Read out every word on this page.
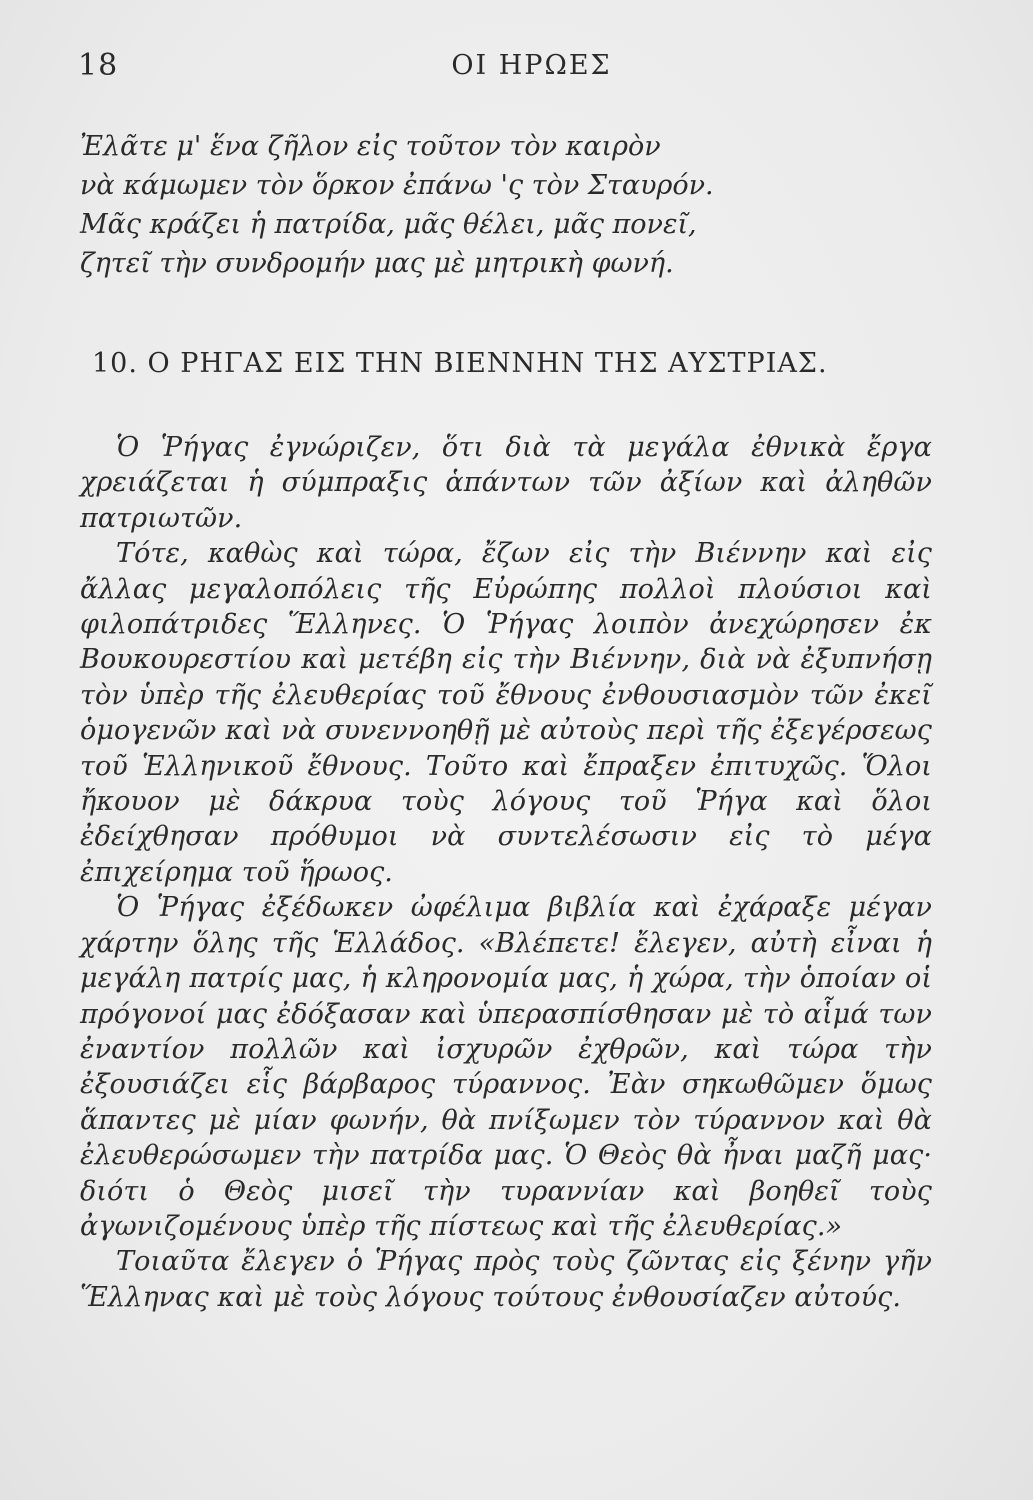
18	ΟΙ ΗΡΩΕΣ
Ἐλᾶτε μ' ἕνα ζῆλον εἰς τοῦτον τὸν καιρὸν
νὰ κάμωμεν τὸν ὅρκον ἐπάνω 'ς τὸν Σταυρόν.
Μᾶς κράζει ἡ πατρίδα, μᾶς θέλει, μᾶς πονεῖ,
ζητεῖ τὴν συνδρομήν μας μὲ μητρικὴ φωνή.
10. Ο ΡΗΓΑΣ ΕΙΣ ΤΗΝ ΒΙΕΝΝΗΝ ΤΗΣ ΑΥΣΤΡΙΑΣ.

Ὁ Ῥήγας ἐγνώριζεν, ὅτι διὰ τὰ μεγάλα ἐθνικὰ ἔργα χρειάζεται ἡ σύμπραξις ἁπάντων τῶν ἀξίων καὶ ἀληθῶν πατριωτῶν.

Τότε, καθὼς καὶ τώρα, ἔζων εἰς τὴν Βιέννην καὶ εἰς ἄλλας μεγαλοπόλεις τῆς Εὐρώπης πολλοὶ πλούσιοι καὶ φιλοπάτριδες Ἕλληνες. Ὁ Ῥήγας λοιπὸν ἀνεχώρησεν ἐκ Βουκουρεστίου καὶ μετέβη εἰς τὴν Βιέννην, διὰ νὰ ἐξυπνήσῃ τὸν ὑπὲρ τῆς ἐλευθερίας τοῦ ἔθνους ἐνθουσιασμὸν τῶν ἐκεῖ ὁμογενῶν καὶ νὰ συνεννοηθῇ μὲ αὐτοὺς περὶ τῆς ἐξεγέρσεως τοῦ Ἑλληνικοῦ ἔθνους. Τοῦτο καὶ ἔπραξεν ἐπιτυχῶς. Ὅλοι ἤκουον μὲ δάκρυα τοὺς λόγους τοῦ Ῥήγα καὶ ὅλοι ἐδείχθησαν πρόθυμοι νὰ συντελέσωσιν εἰς τὸ μέγα ἐπιχείρημα τοῦ ἥρωος.

Ὁ Ῥήγας ἐξέδωκεν ὠφέλιμα βιβλία καὶ ἐχάραξε μέγαν χάρτην ὅλης τῆς Ἑλλάδος. «Βλέπετε! ἔλεγεν, αὐτὴ εἶναι ἡ μεγάλη πατρίς μας, ἡ κληρονομία μας, ἡ χώρα, τὴν ὁποίαν οἱ πρόγονοί μας ἐδόξασαν καὶ ὑπερασπίσθησαν μὲ τὸ αἷμά των ἐναντίον πολλῶν καὶ ἰσχυρῶν ἐχθρῶν, καὶ τώρα τὴν ἐξουσιάζει εἷς βάρβαρος τύραννος. Ἐὰν σηκωθῶμεν ὅμως ἅπαντες μὲ μίαν φωνήν, θὰ πνίξωμεν τὸν τύραννον καὶ θὰ ἐλευθερώσωμεν τὴν πατρίδα μας. Ὁ Θεὸς θὰ ἦναι μαζῆ μας· διότι ὁ Θεὸς μισεῖ τὴν τυραννίαν καὶ βοηθεῖ τοὺς ἀγωνιζομένους ὑπὲρ τῆς πίστεως καὶ τῆς ἐλευθερίας.»

Τοιαῦτα ἔλεγεν ὁ Ῥήγας πρὸς τοὺς ζῶντας εἰς ξένην γῆν Ἕλληνας καὶ μὲ τοὺς λόγους τούτους ἐνθουσίαζεν αὐτούς.
